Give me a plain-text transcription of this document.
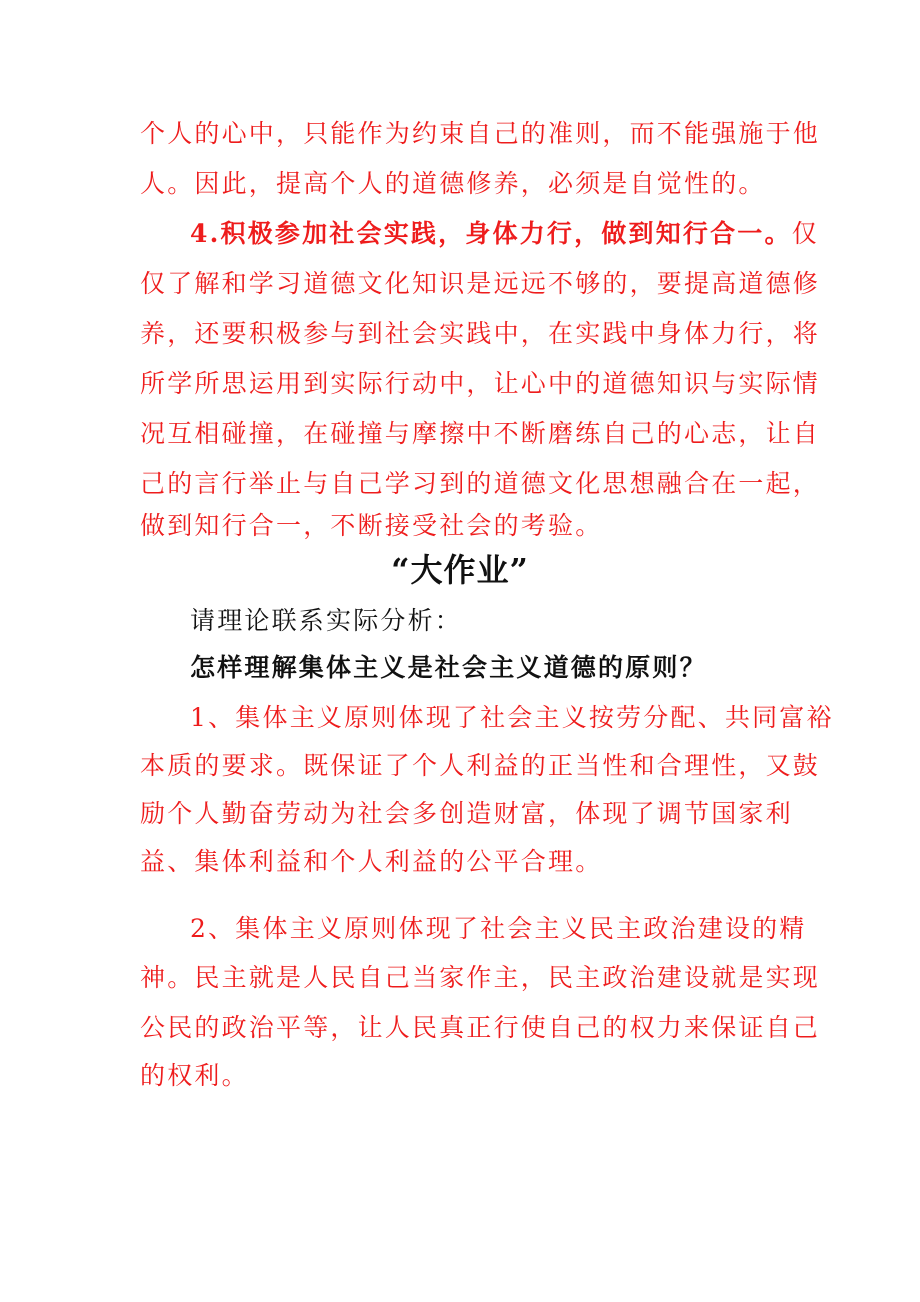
个人的心中，只能作为约束自己的准则，而不能强施于他

人。因此，提高个人的道德修养，必须是自觉性的。

4.积极参加社会实践，身体力行，做到知行合一。仅

仅了解和学习道德文化知识是远远不够的，要提高道德修

养，还要积极参与到社会实践中，在实践中身体力行，将

所学所思运用到实际行动中，让心中的道德知识与实际情

况互相碰撞，在碰撞与摩擦中不断磨练自己的心志，让自

己的言行举止与自己学习到的道德文化思想融合在一起，

做到知行合一，不断接受社会的考验。

“大作业”

请理论联系实际分析：

怎样理解集体主义是社会主义道德的原则？

1、集体主义原则体现了社会主义按劳分配、共同富裕

本质的要求。既保证了个人利益的正当性和合理性，又鼓

励个人勤奋劳动为社会多创造财富，体现了调节国家利

益、集体利益和个人利益的公平合理。

2、集体主义原则体现了社会主义民主政治建设的精

神。民主就是人民自己当家作主，民主政治建设就是实现

公民的政治平等，让人民真正行使自己的权力来保证自己

的权利。
